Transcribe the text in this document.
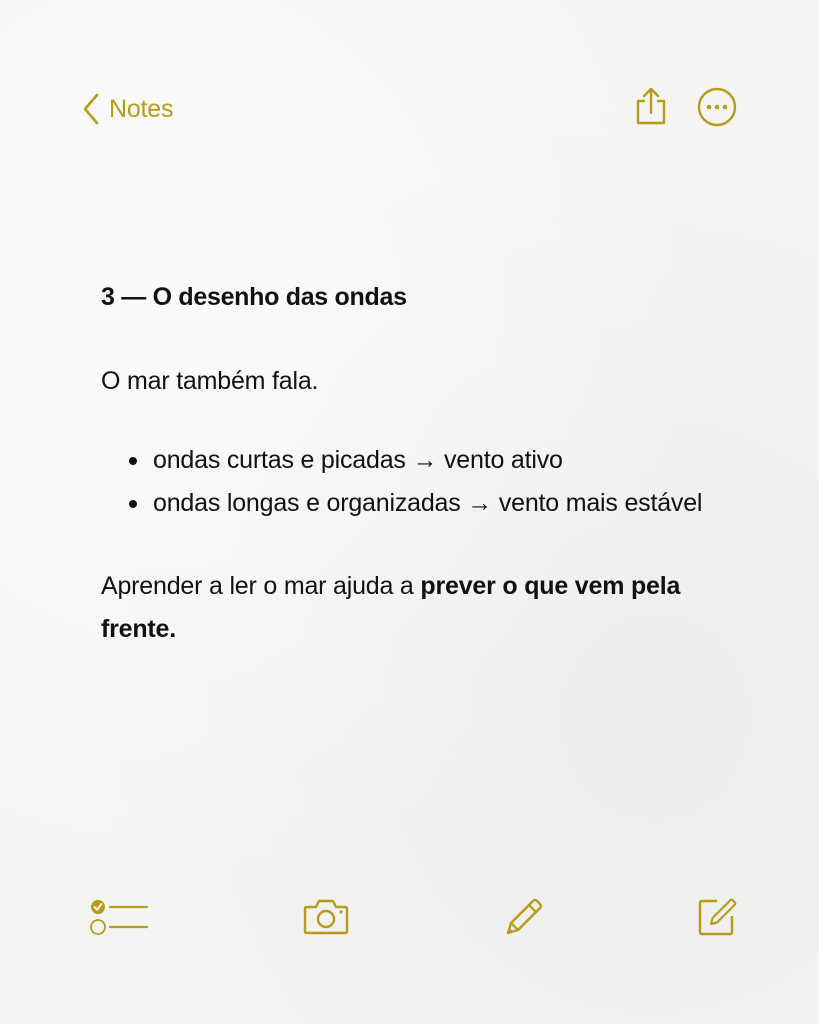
Notes
3 — O desenho das ondas

O mar também fala.

ondas curtas e picadas → vento ativo
ondas longas e organizadas → vento mais estável

Aprender a ler o mar ajuda a prever o que vem pela frente.
